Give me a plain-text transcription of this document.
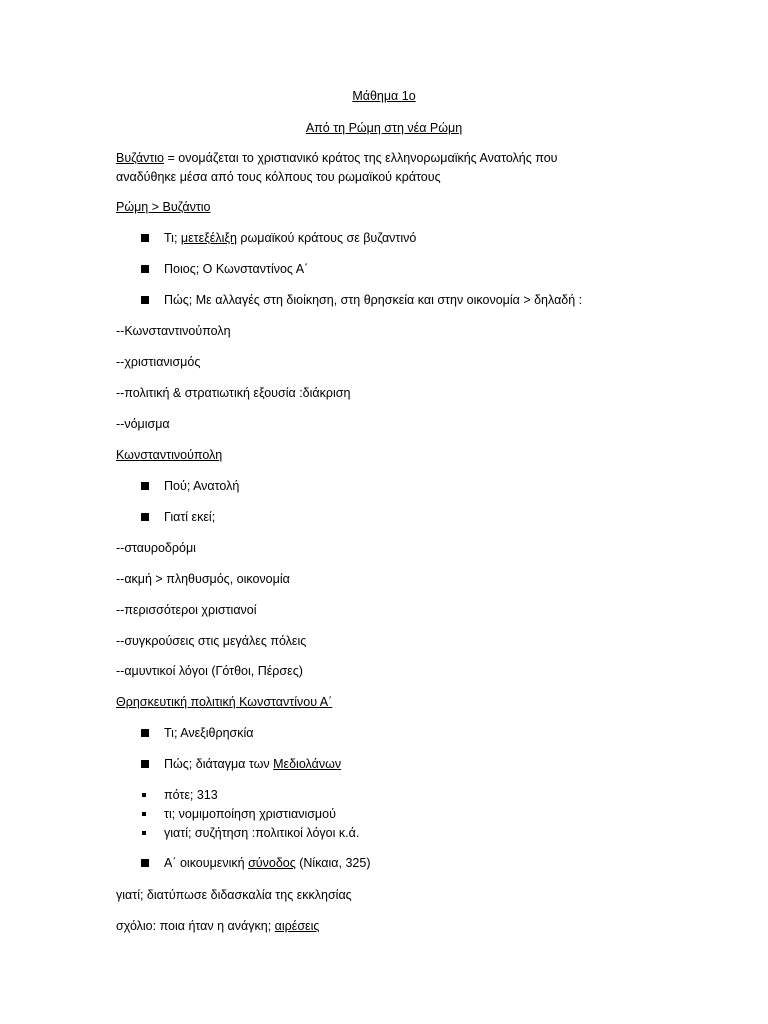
Μάθημα 1ο
Από τη Ρώμη στη νέα Ρώμη
Βυζάντιο = ονομάζεται το χριστιανικό κράτος της ελληνορωμαϊκής Ανατολής που
αναδύθηκε μέσα από τους κόλπους του ρωμαϊκού κράτους
Ρώμη > Βυζάντιο
Τι; μετεξέλιξη ρωμαϊκού κράτους σε βυζαντινό
Ποιος; Ο Κωνσταντίνος Α΄
Πώς; Με αλλαγές στη διοίκηση, στη θρησκεία και στην οικονομία > δηλαδή :
--Κωνσταντινούπολη
--χριστιανισμός
--πολιτική & στρατιωτική εξουσία :διάκριση
--νόμισμα
Κωνσταντινούπολη
Πού; Ανατολή
Γιατί εκεί;
--σταυροδρόμι
--ακμή > πληθυσμός, οικονομία
--περισσότεροι χριστιανοί
--συγκρούσεις στις μεγάλες πόλεις
--αμυντικοί λόγοι (Γότθοι, Πέρσες)
Θρησκευτική πολιτική Κωνσταντίνου Α΄
Τι; Ανεξιθρησκία
Πώς; διάταγμα των Μεδιολάνων
πότε; 313
τι; νομιμοποίηση χριστιανισμού
γιατί; συζήτηση :πολιτικοί λόγοι κ.ά.
Α΄ οικουμενική σύνοδος (Νίκαια, 325)
γιατί; διατύπωσε διδασκαλία της εκκλησίας
σχόλιο: ποια ήταν η ανάγκη; αιρέσεις
